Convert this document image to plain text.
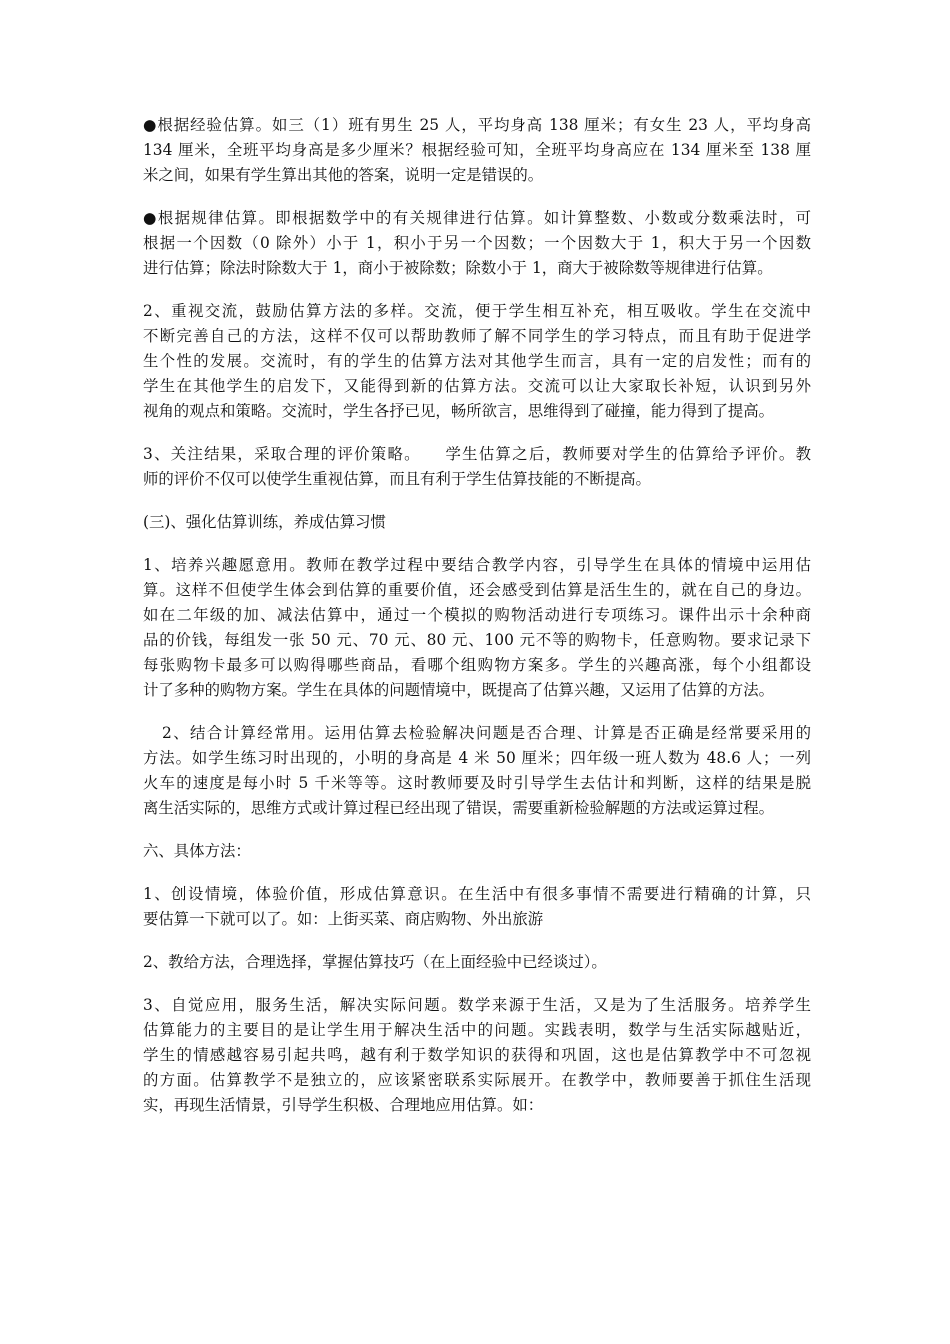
●根据经验估算。如三（1）班有男生 25 人，平均身高 138 厘米；有女生 23 人，平均身高
134 厘米，全班平均身高是多少厘米？根据经验可知，全班平均身高应在 134 厘米至 138 厘
米之间，如果有学生算出其他的答案，说明一定是错误的。

●根据规律估算。即根据数学中的有关规律进行估算。如计算整数、小数或分数乘法时，可
根据一个因数（0 除外）小于 1，积小于另一个因数；一个因数大于 1，积大于另一个因数
进行估算；除法时除数大于 1，商小于被除数；除数小于 1，商大于被除数等规律进行估算。

2、重视交流，鼓励估算方法的多样。交流，便于学生相互补充，相互吸收。学生在交流中
不断完善自己的方法，这样不仅可以帮助教师了解不同学生的学习特点，而且有助于促进学
生个性的发展。交流时，有的学生的估算方法对其他学生而言，具有一定的启发性；而有的
学生在其他学生的启发下，又能得到新的估算方法。交流可以让大家取长补短，认识到另外
视角的观点和策略。交流时，学生各抒已见，畅所欲言，思维得到了碰撞，能力得到了提高。

3、关注结果，采取合理的评价策略。    学生估算之后，教师要对学生的估算给予评价。教
师的评价不仅可以使学生重视估算，而且有利于学生估算技能的不断提高。

(三)、强化估算训练，养成估算习惯

1、培养兴趣愿意用。教师在教学过程中要结合教学内容，引导学生在具体的情境中运用估
算。这样不但使学生体会到估算的重要价值，还会感受到估算是活生生的，就在自己的身边。
如在二年级的加、减法估算中，通过一个模拟的购物活动进行专项练习。课件出示十余种商
品的价钱，每组发一张 50 元、70 元、80 元、100 元不等的购物卡，任意购物。要求记录下
每张购物卡最多可以购得哪些商品，看哪个组购物方案多。学生的兴趣高涨，每个小组都设
计了多种的购物方案。学生在具体的问题情境中，既提高了估算兴趣，又运用了估算的方法。

2、结合计算经常用。运用估算去检验解决问题是否合理、计算是否正确是经常要采用的
方法。如学生练习时出现的，小明的身高是 4 米 50 厘米；四年级一班人数为 48.6 人；一列
火车的速度是每小时 5 千米等等。这时教师要及时引导学生去估计和判断，这样的结果是脱
离生活实际的，思维方式或计算过程已经出现了错误，需要重新检验解题的方法或运算过程。

六、具体方法：

1、创设情境，体验价值，形成估算意识。在生活中有很多事情不需要进行精确的计算，只
要估算一下就可以了。如：上街买菜、商店购物、外出旅游

2、教给方法，合理选择，掌握估算技巧（在上面经验中已经谈过）。

3、自觉应用，服务生活，解决实际问题。数学来源于生活，又是为了生活服务。培养学生
估算能力的主要目的是让学生用于解决生活中的问题。实践表明，数学与生活实际越贴近，
学生的情感越容易引起共鸣，越有利于数学知识的获得和巩固，这也是估算教学中不可忽视
的方面。估算教学不是独立的，应该紧密联系实际展开。在教学中，教师要善于抓住生活现
实，再现生活情景，引导学生积极、合理地应用估算。如：
